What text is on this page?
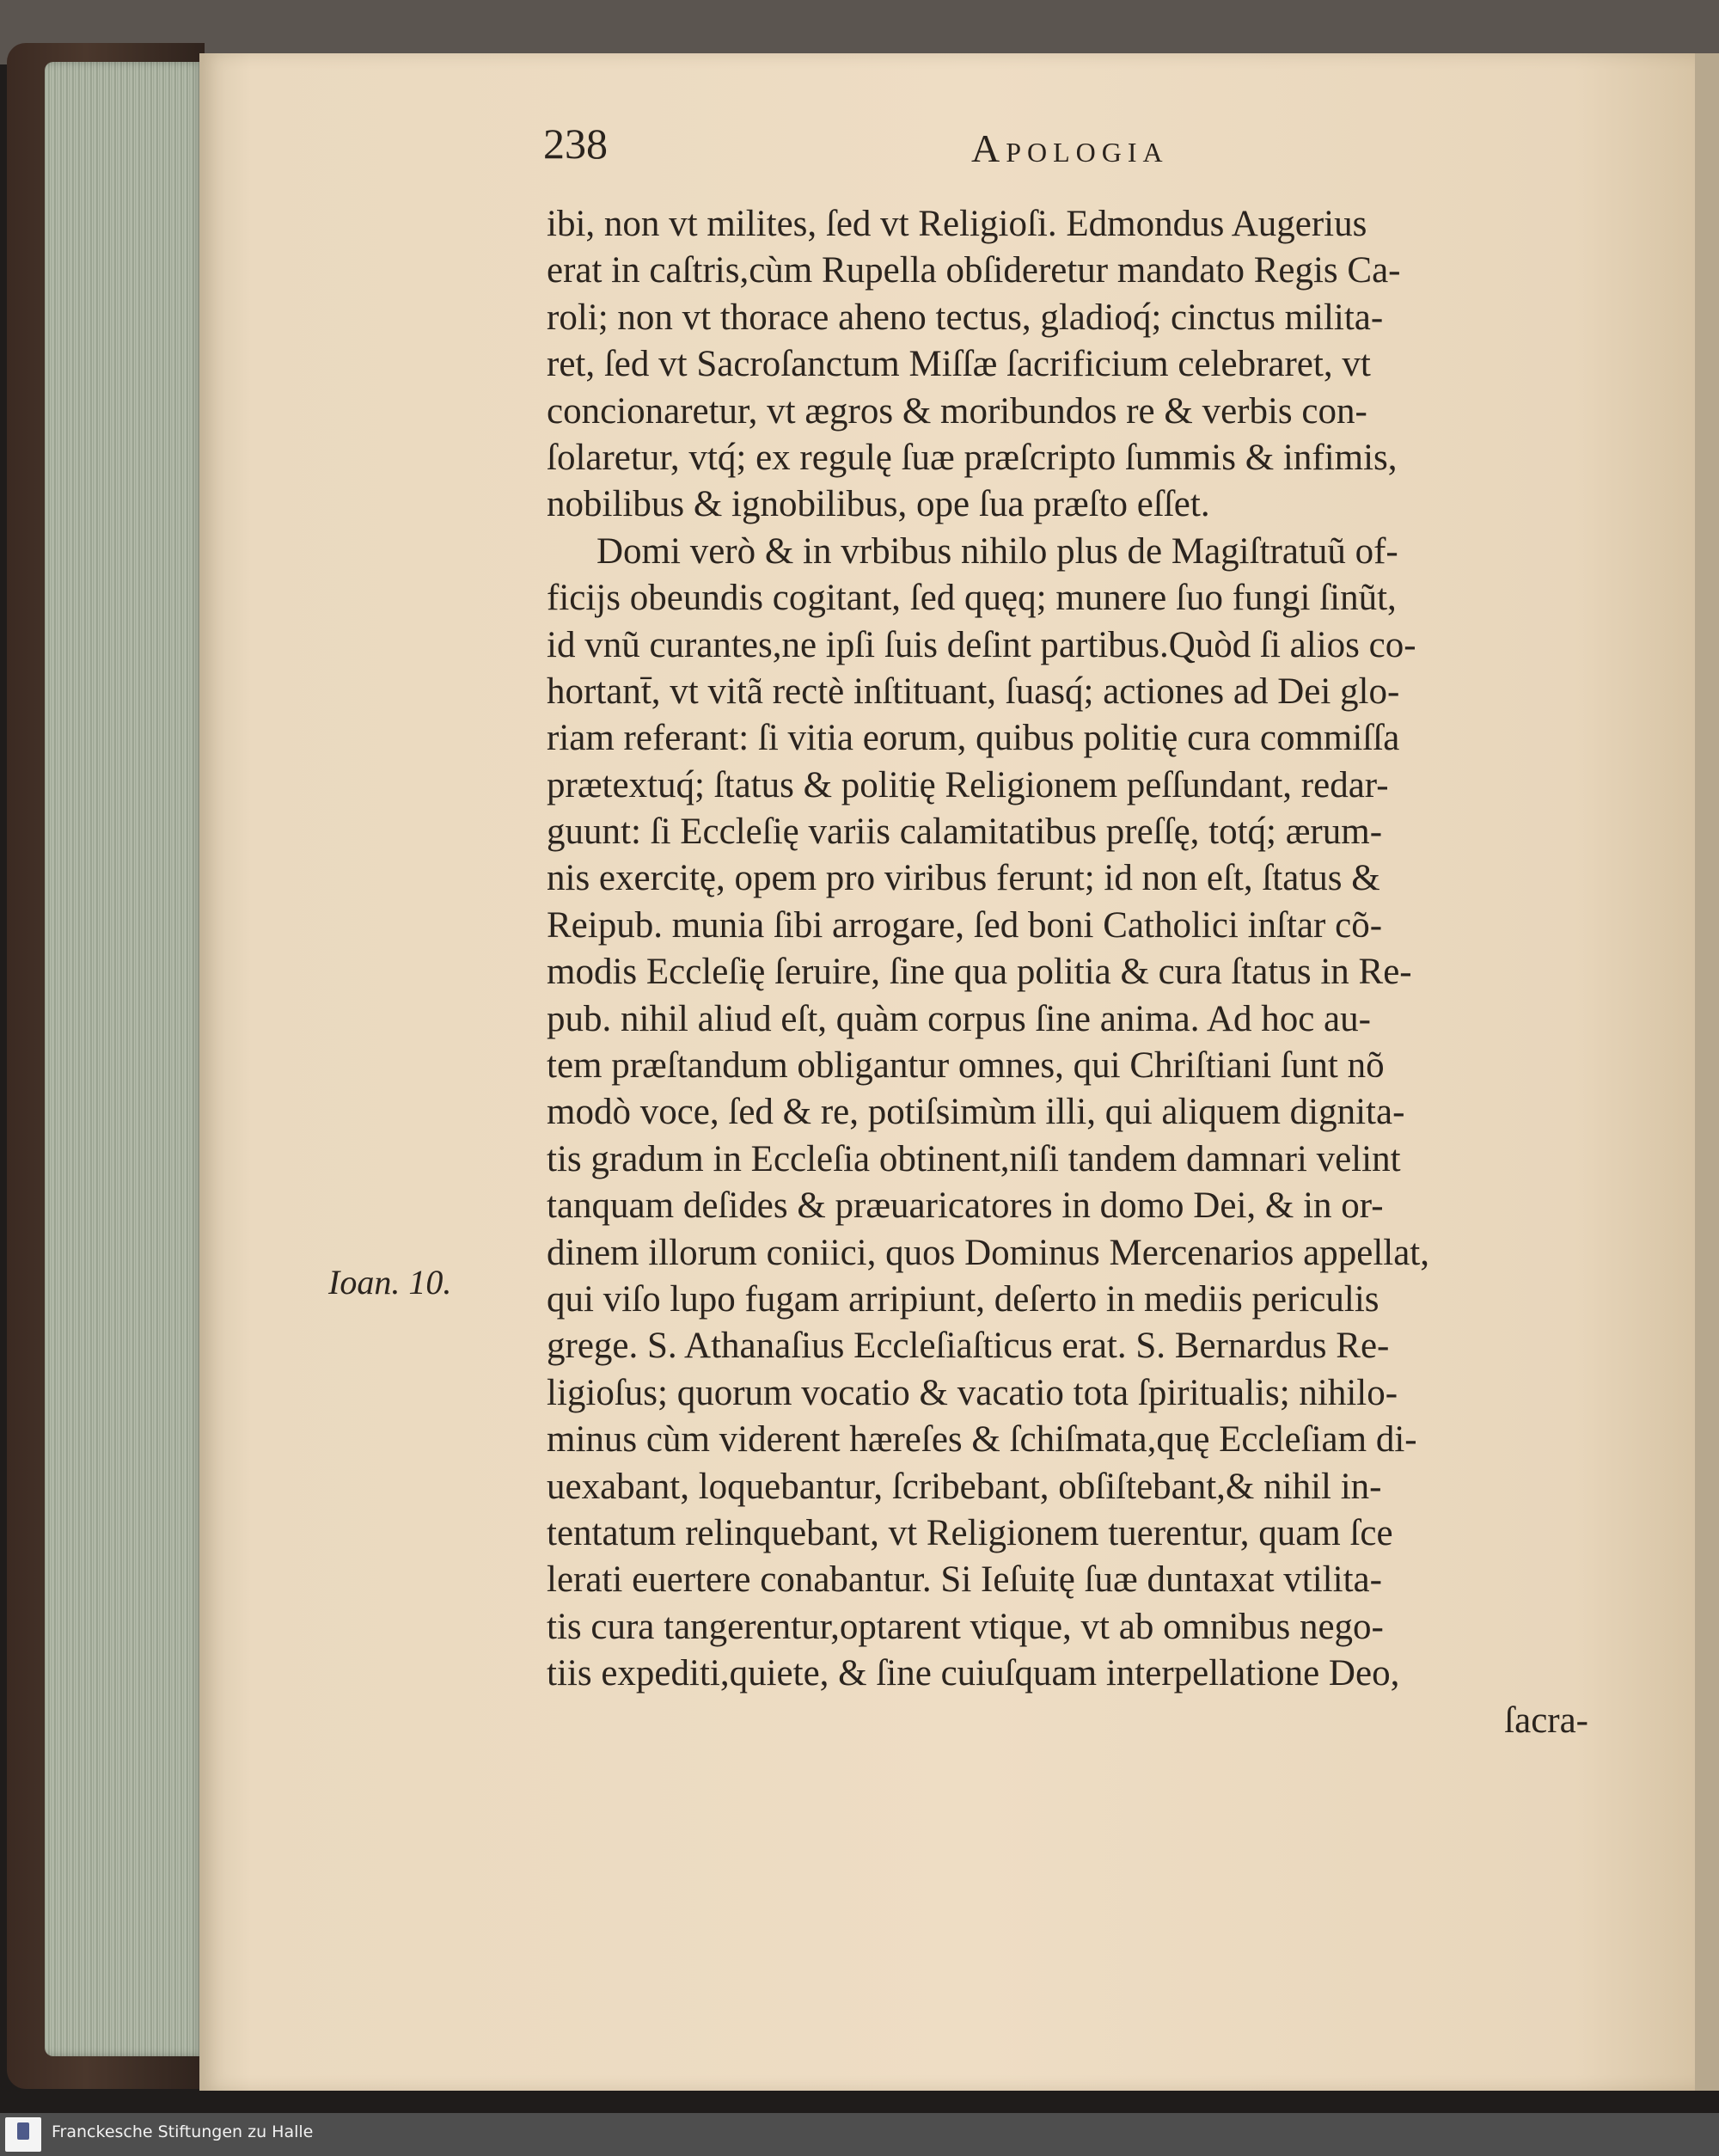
238	Apologia

ibi, non vt milites, ſed vt Religioſi. Edmondus Augerius
erat in caſtris,cùm Rupella obſideretur mandato Regis Ca-
roli; non vt thorace aheno tectus, gladioq́; cinctus milita-
ret, ſed vt Sacroſanctum Miſſæ ſacrificium celebraret, vt
concionaretur, vt ægros & moribundos re & verbis con-
ſolaretur, vtq́; ex regulę ſuæ præſcripto ſummis & infimis,
nobilibus & ignobilibus, ope ſua præſto eſſet.
Domi verò & in vrbibus nihilo plus de Magiſtratuũ of-
ficijs obeundis cogitant, ſed quęq; munere ſuo fungi ſinũt,
id vnũ curantes,ne ipſi ſuis deſint partibus.Quòd ſi alios co-
hortant̄, vt vitã rectè inſtituant, ſuasq́; actiones ad Dei glo-
riam referant: ſi vitia eorum, quibus politię cura commiſſa
prætextuq́; ſtatus & politię Religionem peſſundant, redar-
guunt: ſi Eccleſię variis calamitatibus preſſę, totq́; ærum-
nis exercitę, opem pro viribus ferunt; id non eſt, ſtatus &
Reipub. munia ſibi arrogare, ſed boni Catholici inſtar cõ-
modis Eccleſię ſeruire, ſine qua politia & cura ſtatus in Re-
pub. nihil aliud eſt, quàm corpus ſine anima. Ad hoc au-
tem præſtandum obligantur omnes, qui Chriſtiani ſunt nõ
modò voce, ſed & re, potiſsimùm illi, qui aliquem dignita-
tis gradum in Eccleſia obtinent,niſi tandem damnari velint
tanquam deſides & præuaricatores in domo Dei, & in or-
dinem illorum coniici, quos Dominus Mercenarios appellat,
qui viſo lupo fugam arripiunt, deſerto in mediis periculis
grege. S. Athanaſius Eccleſiaſticus erat. S. Bernardus Re-
ligioſus; quorum vocatio & vacatio tota ſpiritualis; nihilo-
minus cùm viderent hæreſes & ſchiſmata,quę Eccleſiam di-
uexabant, loquebantur, ſcribebant, obſiſtebant,& nihil in-
tentatum relinquebant, vt Religionem tuerentur, quam ſce
lerati euertere conabantur. Si Ieſuitę ſuæ duntaxat vtilita-
tis cura tangerentur,optarent vtique, vt ab omnibus nego-
tiis expediti,quiete, & ſine cuiuſquam interpellatione Deo,
ſacra-

Ioan. 10.

Franckesche Stiftungen zu Halle
